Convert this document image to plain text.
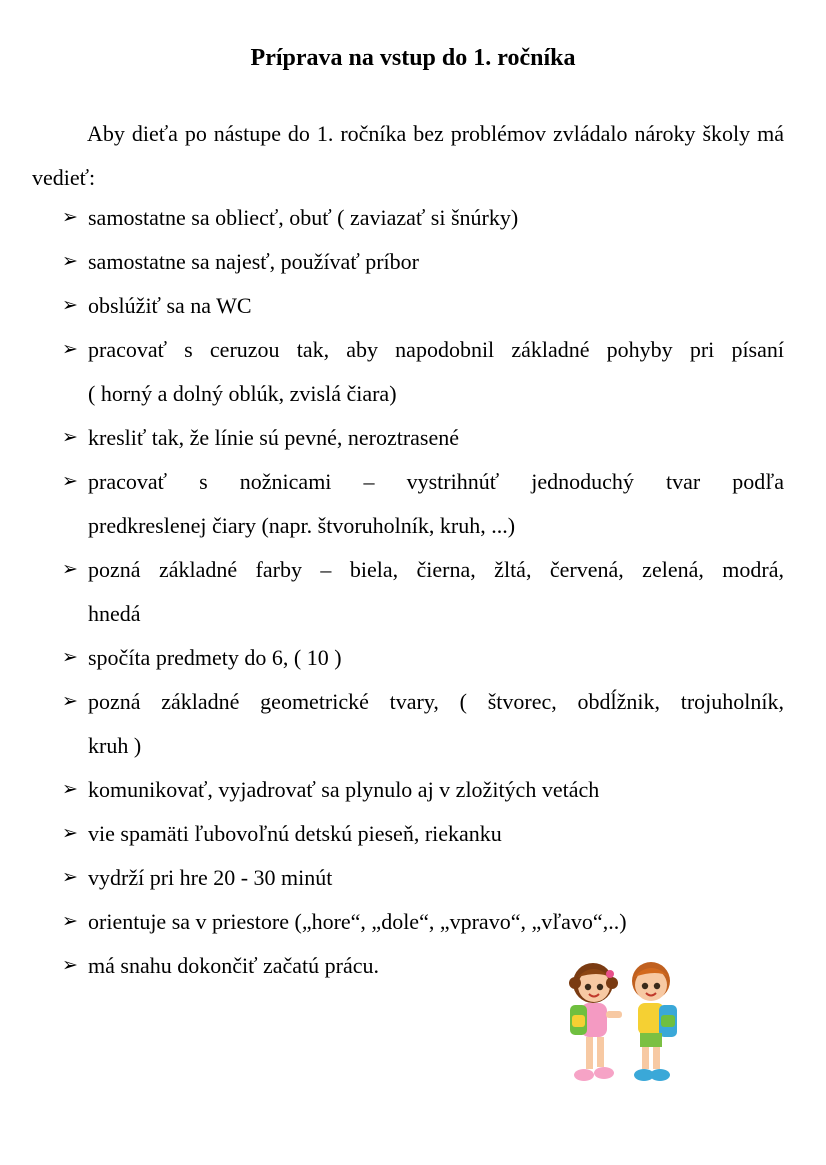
Príprava na vstup do 1. ročníka
Aby dieťa po nástupe do 1. ročníka bez problémov zvládalo nároky školy má vedieť:
➢ samostatne sa obliecť, obuť ( zaviazať si šnúrky)
➢ samostatne sa najesť, používať príbor
➢ obslúžiť sa na WC
➢ pracovať s ceruzou tak, aby napodobnil základné pohyby pri písaní
( horný a dolný oblúk, zvislá čiara)
➢ kresliť tak, že línie sú pevné, neroztrasené
➢ pracovať s nožnicami – vystrihnúť jednoduchý tvar podľa
predkreslenej čiary (napr. štvoruholník, kruh, ...)
➢ pozná základné farby – biela, čierna, žltá, červená, zelená, modrá,
hnedá
➢ spočíta predmety do 6, ( 10 )
➢ pozná základné geometrické tvary, ( štvorec, obdĺžnik, trojuholník,
kruh )
➢ komunikovať, vyjadrovať sa plynulo aj v zložitých vetách
➢ vie spamäti ľubovoľnú detskú pieseň, riekanku
➢ vydrží pri hre 20 - 30 minút
➢ orientuje sa v priestore („hore“, „dole“, „vpravo“, „vľavo“,..)
➢ má snahu dokončiť začatú prácu.
